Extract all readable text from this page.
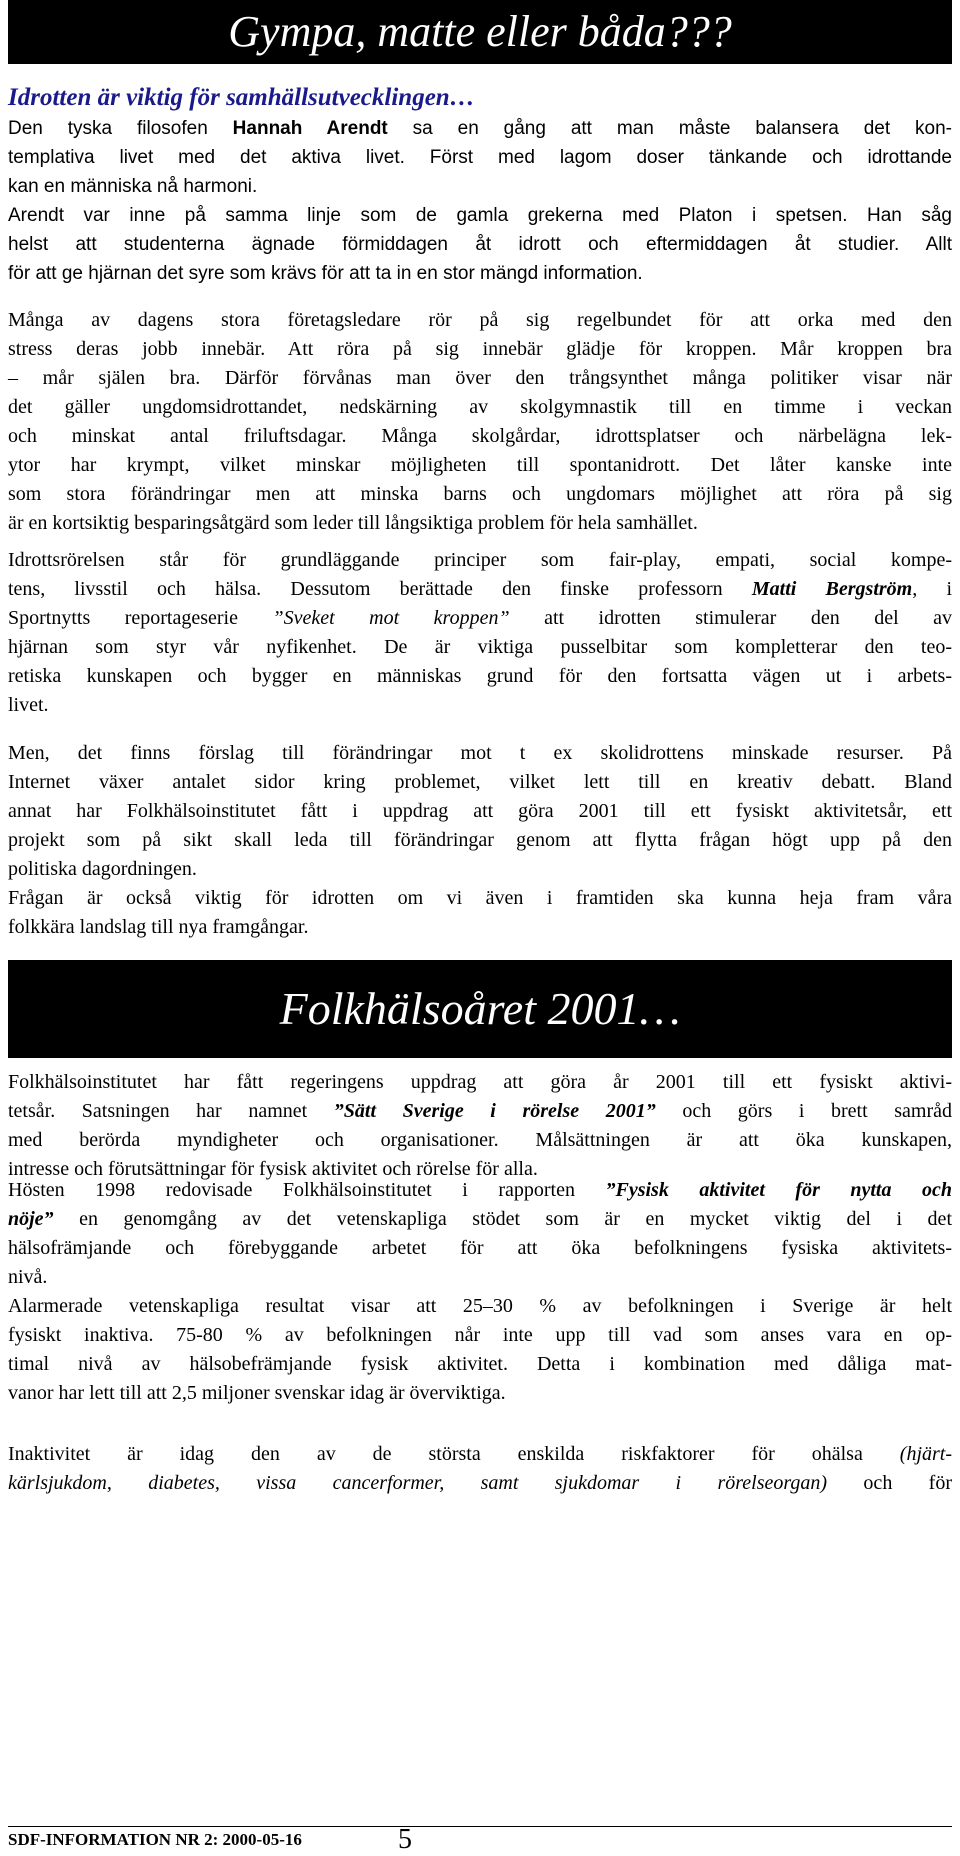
Gympa, matte eller båda???
Idrotten är viktig för samhällsutvecklingen…
Den tyska filosofen Hannah Arendt sa en gång att man måste balansera det kon-
templativa livet med det aktiva livet. Först med lagom doser tänkande och idrottande
kan en människa nå harmoni.
Arendt var inne på samma linje som de gamla grekerna med Platon i spetsen. Han såg
helst att studenterna ägnade förmiddagen åt idrott och eftermiddagen åt studier. Allt
för att ge hjärnan det syre som krävs för att ta in en stor mängd information.
Många av dagens stora företagsledare rör på sig regelbundet för att orka med den
stress deras jobb innebär. Att röra på sig innebär glädje för kroppen. Mår kroppen bra
– mår själen bra. Därför förvånas man över den trångsynthet många politiker visar när
det gäller ungdomsidrottandet, nedskärning av skolgymnastik till en timme i veckan
och minskat antal friluftsdagar. Många skolgårdar, idrottsplatser och närbelägna lek-
ytor har krympt, vilket minskar möjligheten till spontanidrott. Det låter kanske inte
som stora förändringar men att minska barns och ungdomars möjlighet att röra på sig
är en kortsiktig besparingsåtgärd som leder till långsiktiga problem för hela samhället.
Idrottsrörelsen står för grundläggande principer som fair-play, empati, social kompe-
tens, livsstil och hälsa. Dessutom berättade den finske professorn Matti Bergström, i
Sportnytts reportageserie ”Sveket mot kroppen” att idrotten stimulerar den del av
hjärnan som styr vår nyfikenhet. De är viktiga pusselbitar som kompletterar den teo-
retiska kunskapen och bygger en människas grund för den fortsatta vägen ut i arbets-
livet.
Men, det finns förslag till förändringar mot t ex skolidrottens minskade resurser. På
Internet växer antalet sidor kring problemet, vilket lett till en kreativ debatt. Bland
annat har Folkhälsoinstitutet fått i uppdrag att göra 2001 till ett fysiskt aktivitetsår, ett
projekt som på sikt skall leda till förändringar genom att flytta frågan högt upp på den
politiska dagordningen.
Frågan är också viktig för idrotten om vi även i framtiden ska kunna heja fram våra
folkkära landslag till nya framgångar.
Folkhälsoåret 2001…
Folkhälsoinstitutet har fått regeringens uppdrag att göra år 2001 till ett fysiskt aktivi-
tetsår. Satsningen har namnet ”Sätt Sverige i rörelse 2001” och görs i brett samråd
med berörda myndigheter och organisationer. Målsättningen är att öka kunskapen,
intresse och förutsättningar för fysisk aktivitet och rörelse för alla.
Hösten 1998 redovisade Folkhälsoinstitutet i rapporten ”Fysisk aktivitet för nytta och
nöje” en genomgång av det vetenskapliga stödet som är en mycket viktig del i det
hälsofrämjande och förebyggande arbetet för att öka befolkningens fysiska aktivitets-
nivå.
Alarmerade vetenskapliga resultat visar att 25–30 % av befolkningen i Sverige är helt
fysiskt inaktiva. 75-80 % av befolkningen når inte upp till vad som anses vara en op-
timal nivå av hälsobefrämjande fysisk aktivitet. Detta i kombination med dåliga mat-
vanor har lett till att 2,5 miljoner svenskar idag är överviktiga.
Inaktivitet är idag den av de största enskilda riskfaktorer för ohälsa (hjärt-
kärlsjukdom, diabetes, vissa cancerformer, samt sjukdomar i rörelseorgan) och för
SDF-INFORMATION NR 2: 2000-05-16	5
